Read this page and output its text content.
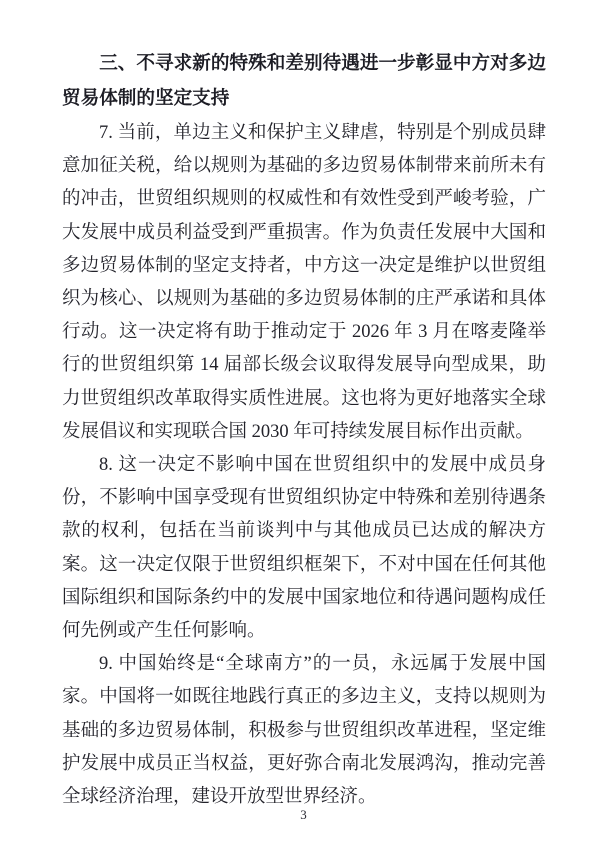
三、不寻求新的特殊和差别待遇进一步彰显中方对多边贸易体制的坚定支持

7. 当前，单边主义和保护主义肆虐，特别是个别成员肆意加征关税，给以规则为基础的多边贸易体制带来前所未有的冲击，世贸组织规则的权威性和有效性受到严峻考验，广大发展中成员利益受到严重损害。作为负责任发展中大国和多边贸易体制的坚定支持者，中方这一决定是维护以世贸组织为核心、以规则为基础的多边贸易体制的庄严承诺和具体行动。这一决定将有助于推动定于 2026 年 3 月在喀麦隆举行的世贸组织第 14 届部长级会议取得发展导向型成果，助力世贸组织改革取得实质性进展。这也将为更好地落实全球发展倡议和实现联合国 2030 年可持续发展目标作出贡献。

8. 这一决定不影响中国在世贸组织中的发展中成员身份，不影响中国享受现有世贸组织协定中特殊和差别待遇条款的权利，包括在当前谈判中与其他成员已达成的解决方案。这一决定仅限于世贸组织框架下，不对中国在任何其他国际组织和国际条约中的发展中国家地位和待遇问题构成任何先例或产生任何影响。

9. 中国始终是“全球南方”的一员，永远属于发展中国家。中国将一如既往地践行真正的多边主义，支持以规则为基础的多边贸易体制，积极参与世贸组织改革进程，坚定维护发展中成员正当权益，更好弥合南北发展鸿沟，推动完善全球经济治理，建设开放型世界经济。

3
